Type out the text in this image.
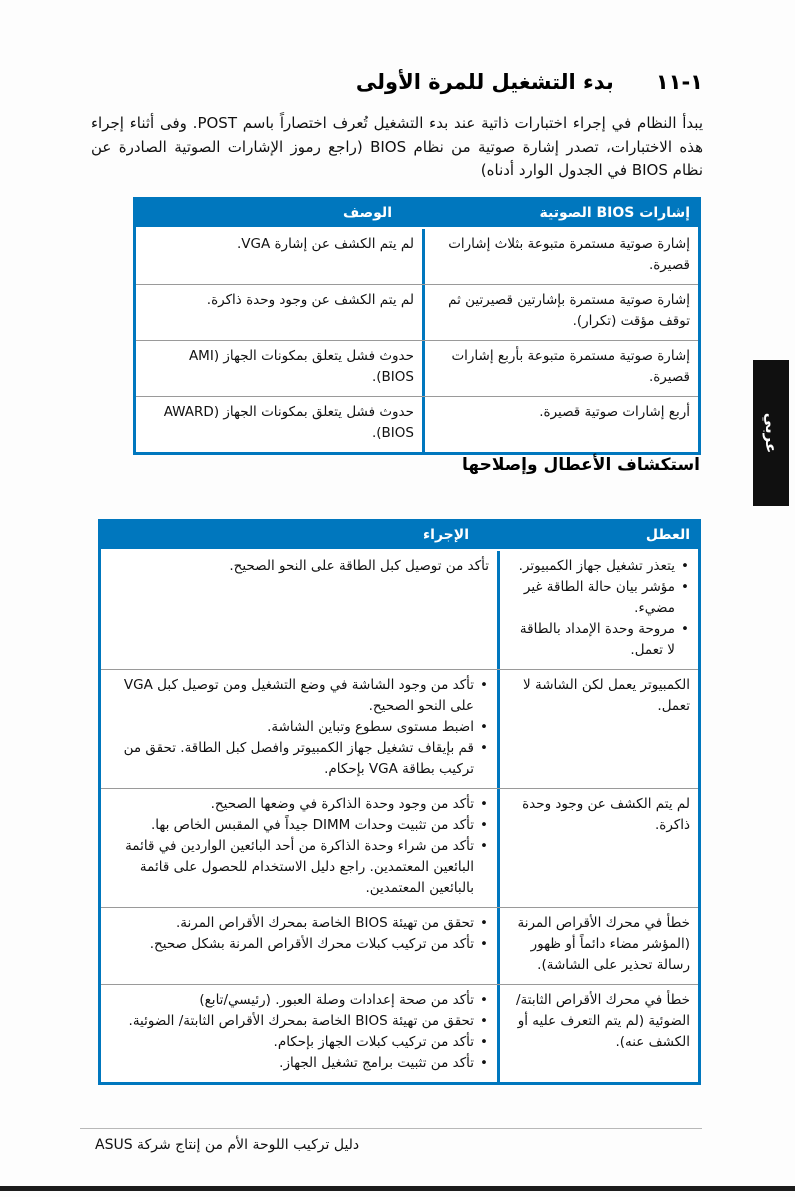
١-١١بدء التشغيل للمرة الأولى
يبدأ النظام في إجراء اختبارات ذاتية عند بدء التشغيل تُعرف اختصاراً باسم POST. وفى أثناء إجراء هذه الاختبارات، تصدر إشارة صوتية من نظام BIOS (راجع رموز الإشارات الصوتية الصادرة عن نظام BIOS في الجدول الوارد أدناه)
إشارات BIOS الصوتية
الوصف
إشارة صوتية مستمرة متبوعة بثلاث إشارات قصيرة.
لم يتم الكشف عن إشارة VGA.
إشارة صوتية مستمرة بإشارتين قصيرتين ثم توقف مؤقت (تكرار).
لم يتم الكشف عن وجود وحدة ذاكرة.
إشارة صوتية مستمرة متبوعة بأربع إشارات قصيرة.
حدوث فشل يتعلق بمكونات الجهاز (AMI BIOS).
أربع إشارات صوتية قصيرة.
حدوث فشل يتعلق بمكونات الجهاز (AWARD BIOS).
استكشاف الأعطال وإصلاحها
العطل
الإجراء
• يتعذر تشغيل جهاز الكمبيوتر.
• مؤشر بيان حالة الطاقة غير مضيء.
• مروحة وحدة الإمداد بالطاقة لا تعمل.
تأكد من توصيل كبل الطاقة على النحو الصحيح.
الكمبيوتر يعمل لكن الشاشة لا تعمل.
• تأكد من وجود الشاشة في وضع التشغيل ومن توصيل كبل VGA على النحو الصحيح.
• اضبط مستوى سطوع وتباين الشاشة.
• قم بإيقاف تشغيل جهاز الكمبيوتر وافصل كبل الطاقة. تحقق من تركيب بطاقة VGA بإحكام.
لم يتم الكشف عن وجود وحدة ذاكرة.
• تأكد من وجود وحدة الذاكرة في وضعها الصحيح.
• تأكد من تثبيت وحدات DIMM جيداً في المقبس الخاص بها.
• تأكد من شراء وحدة الذاكرة من أحد البائعين الواردين في قائمة البائعين المعتمدين. راجع دليل الاستخدام للحصول على قائمة بالبائعين المعتمدين.
خطأ في محرك الأقراص المرنة (المؤشر مضاء دائماً أو ظهور رسالة تحذير على الشاشة).
• تحقق من تهيئة BIOS الخاصة بمحرك الأقراص المرنة.
• تأكد من تركيب كبلات محرك الأقراص المرنة بشكل صحيح.
خطأ في محرك الأقراص الثابتة/ الضوئية (لم يتم التعرف عليه أو الكشف عنه).
• تأكد من صحة إعدادات وصلة العبور. (رئيسي/تابع)
• تحقق من تهيئة BIOS الخاصة بمحرك الأقراص الثابتة/ الضوئية.
• تأكد من تركيب كبلات الجهاز بإحكام.
• تأكد من تثبيت برامج تشغيل الجهاز.
عربي
دليل تركيب اللوحة الأم من إنتاج شركة ASUS
